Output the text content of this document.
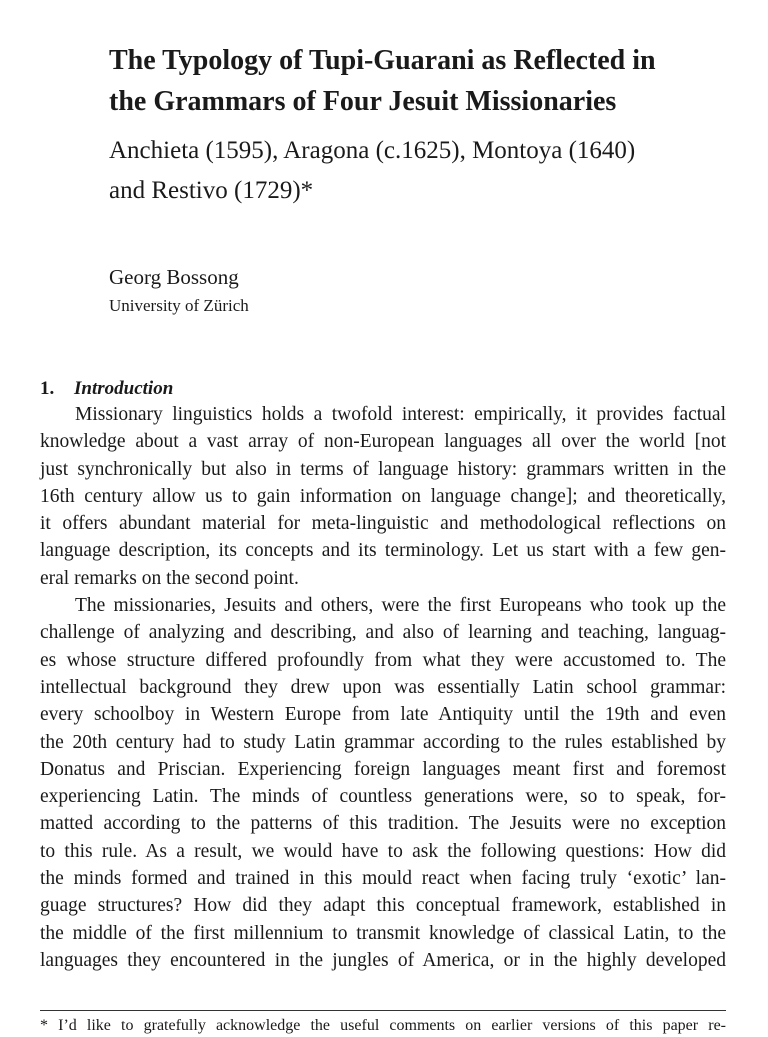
The Typology of Tupi-Guarani as Reflected in
the Grammars of Four Jesuit Missionaries
Anchieta (1595), Aragona (c.1625), Montoya (1640)
and Restivo (1729)*

Georg Bossong

University of Zürich

1. Introduction
Missionary linguistics holds a twofold interest: empirically, it provides factual
knowledge about a vast array of non-European languages all over the world [not
just synchronically but also in terms of language history: grammars written in the
16th century allow us to gain information on language change]; and theoretically,
it offers abundant material for meta-linguistic and methodological reflections on
language description, its concepts and its terminology. Let us start with a few gen-
eral remarks on the second point.
The missionaries, Jesuits and others, were the first Europeans who took up the
challenge of analyzing and describing, and also of learning and teaching, languag-
es whose structure differed profoundly from what they were accustomed to. The
intellectual background they drew upon was essentially Latin school grammar:
every schoolboy in Western Europe from late Antiquity until the 19th and even
the 20th century had to study Latin grammar according to the rules established by
Donatus and Priscian. Experiencing foreign languages meant first and foremost
experiencing Latin. The minds of countless generations were, so to speak, for-
matted according to the patterns of this tradition. The Jesuits were no exception
to this rule. As a result, we would have to ask the following questions: How did
the minds formed and trained in this mould react when facing truly ‘exotic’ lan-
guage structures? How did they adapt this conceptual framework, established in
the middle of the first millennium to transmit knowledge of classical Latin, to the
languages they encountered in the jungles of America, or in the highly developed
* I’d like to gratefully acknowledge the useful comments on earlier versions of this paper re-
